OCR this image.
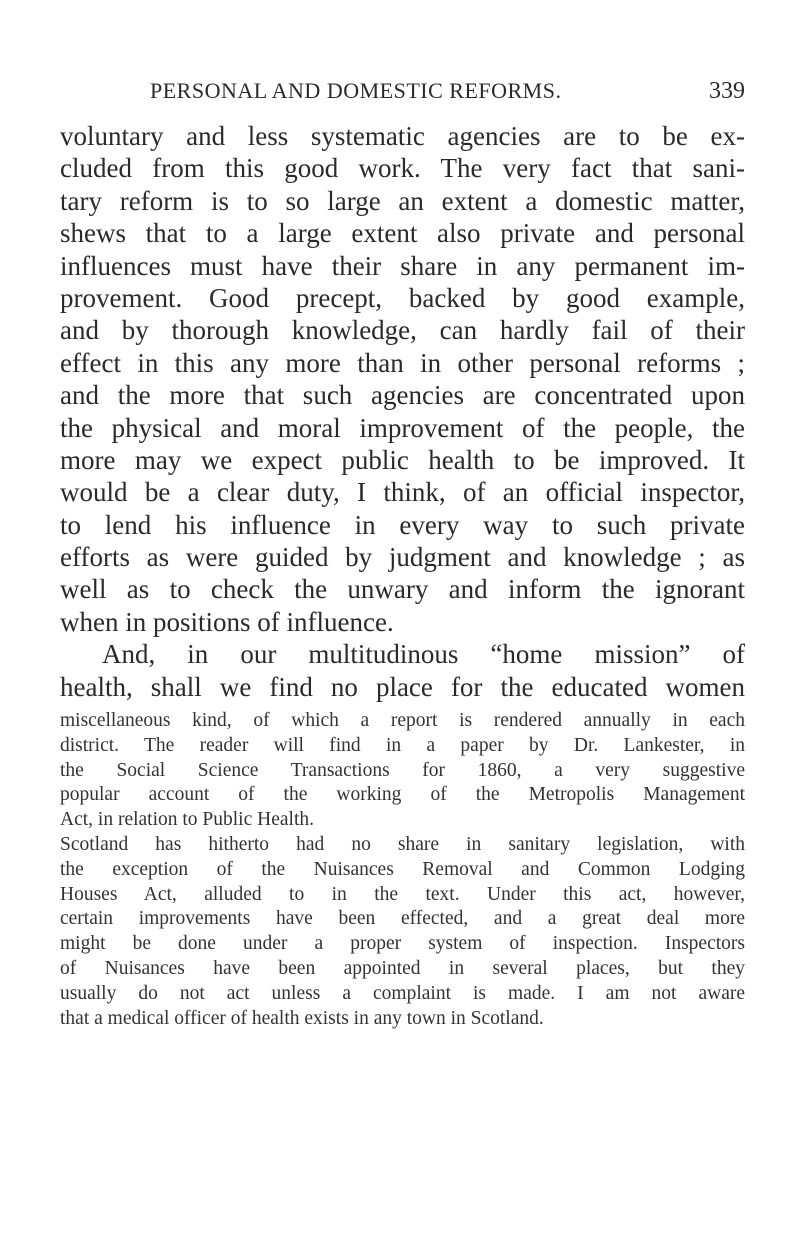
PERSONAL AND DOMESTIC REFORMS.	339
voluntary and less systematic agencies are to be ex-
cluded from this good work. The very fact that sani-
tary reform is to so large an extent a domestic matter,
shews that to a large extent also private and personal
influences must have their share in any permanent im-
provement. Good precept, backed by good example,
and by thorough knowledge, can hardly fail of their
effect in this any more than in other personal reforms ;
and the more that such agencies are concentrated upon
the physical and moral improvement of the people, the
more may we expect public health to be improved. It
would be a clear duty, I think, of an official inspector,
to lend his influence in every way to such private
efforts as were guided by judgment and knowledge ; as
well as to check the unwary and inform the ignorant
when in positions of influence.
And, in our multitudinous “home mission” of
health, shall we find no place for the educated women
miscellaneous kind, of which a report is rendered annually in each
district. The reader will find in a paper by Dr. Lankester, in
the Social Science Transactions for 1860, a very suggestive
popular account of the working of the Metropolis Management
Act, in relation to Public Health.
Scotland has hitherto had no share in sanitary legislation, with
the exception of the Nuisances Removal and Common Lodging
Houses Act, alluded to in the text. Under this act, however,
certain improvements have been effected, and a great deal more
might be done under a proper system of inspection. Inspectors
of Nuisances have been appointed in several places, but they
usually do not act unless a complaint is made. I am not aware
that a medical officer of health exists in any town in Scotland.
